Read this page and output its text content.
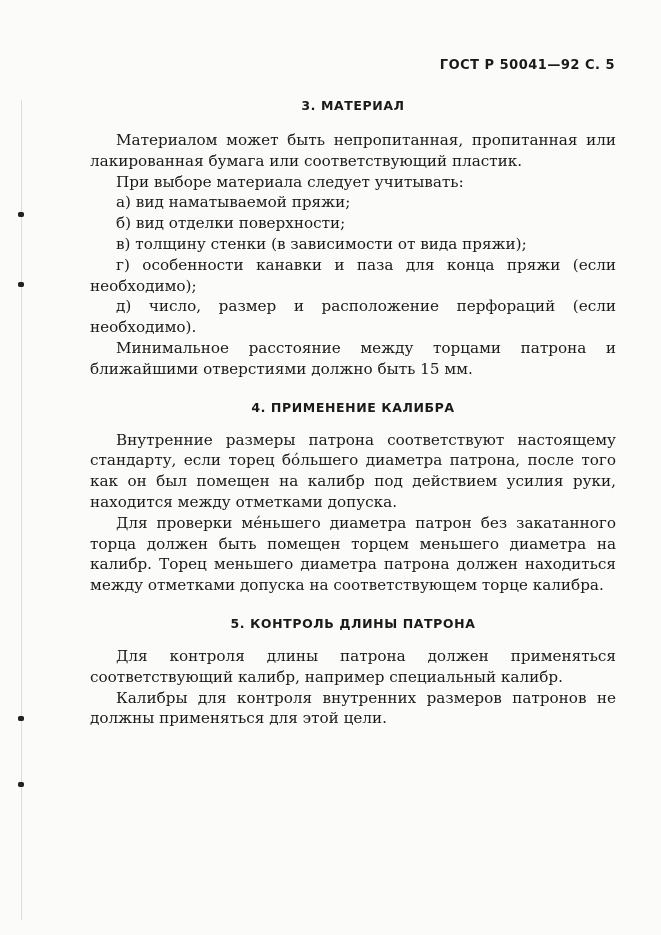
ГОСТ Р 50041—92 С. 5
3. МАТЕРИАЛ

Материалом может быть непропитанная, пропитанная или лакированная бумага или соответствующий пластик.

При выборе материала следует учитывать:

а) вид наматываемой пряжи;

б) вид отделки поверхности;

в) толщину стенки (в зависимости от вида пряжи);

г) особенности канавки и паза для конца пряжи (если необходимо);

д) число, размер и расположение перфораций (если необходимо).

Минимальное расстояние между торцами патрона и ближайшими отверстиями должно быть 15 мм.

4. ПРИМЕНЕНИЕ КАЛИБРА

Внутренние размеры патрона соответствуют настоящему стандарту, если торец бо́льшего диаметра патрона, после того как он был помещен на калибр под действием усилия руки, находится между отметками допуска.

Для проверки ме́ньшего диаметра патрон без закатанного торца должен быть помещен торцем меньшего диаметра на калибр. Торец меньшего диаметра патрона должен находиться между отметками допуска на соответствующем торце калибра.

5. КОНТРОЛЬ ДЛИНЫ ПАТРОНА

Для контроля длины патрона должен применяться соответствующий калибр, например специальный калибр.

Калибры для контроля внутренних размеров патронов не должны применяться для этой цели.
